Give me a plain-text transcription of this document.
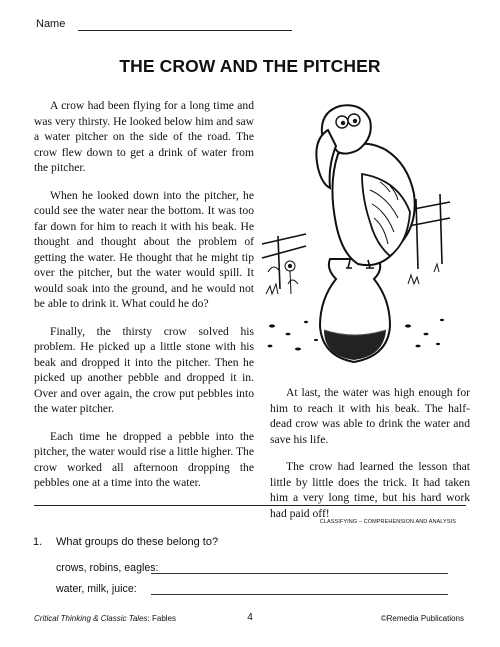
Name
THE CROW AND THE PITCHER

A crow had been flying for a long time and was very thirsty. He looked below him and saw a water pitcher on the side of the road. The crow flew down to get a drink of water from the pitcher.

When he looked down into the pitcher, he could see the water near the bottom. It was too far down for him to reach it with his beak. He thought and thought about the problem of getting the water. He thought that he might tip over the pitcher, but the water would spill. It would soak into the ground, and he would not be able to drink it. What could he do?

Finally, the thirsty crow solved his problem. He picked up a little stone with his beak and dropped it into the pitcher. Then he picked up another pebble and dropped it in. Over and over again, the crow put pebbles into the water pitcher.

Each time he dropped a pebble into the pitcher, the water would rise a little higher. The crow worked all afternoon dropping the pebbles one at a time into the water.

At last, the water was high enough for him to reach it with his beak. The half-dead crow was able to drink the water and save his life.

The crow had learned the lesson that little by little does the trick. It had taken him a very long time, but his hard work had paid off!

CLASSIFYING – COMPREHENSION AND ANALYSIS
1. What groups do these belong to?
crows, robins, eagles:
water, milk, juice:
Critical Thinking & Classic Tales: Fables	4	©Remedia Publications
